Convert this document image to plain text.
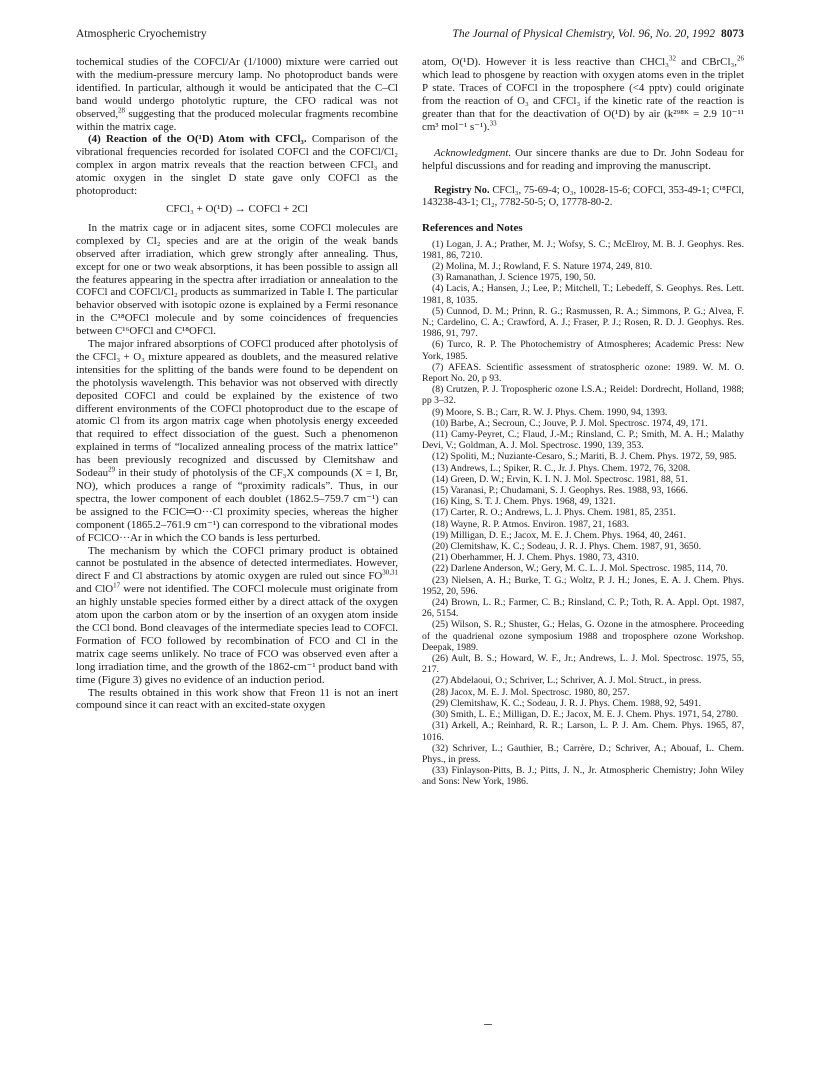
Atmospheric Cryochemistry	The Journal of Physical Chemistry, Vol. 96, No. 20, 1992 8073

tochemical studies of the COFCl/Ar (1/1000) mixture were carried out with the medium-pressure mercury lamp. No photoproduct bands were identified. In particular, although it would be anticipated that the C–Cl band would undergo photolytic rupture, the CFO radical was not observed,$^{28}$ suggesting that the produced molecular fragments recombine within the matrix cage.

(4) Reaction of the O(¹D) Atom with CFCl₃. Comparison of the vibrational frequencies recorded for isolated COFCl and the COFCl/Cl₂ complex in argon matrix reveals that the reaction between CFCl₃ and atomic oxygen in the singlet D state gave only COFCl as the photoproduct:

CFCl₃ + O(¹D) → COFCl + 2Cl

In the matrix cage or in adjacent sites, some COFCl molecules are complexed by Cl₂ species and are at the origin of the weak bands observed after irradiation, which grew strongly after annealing. Thus, except for one or two weak absorptions, it has been possible to assign all the features appearing in the spectra after irradiation or annealation to the COFCl and COFCl/Cl₂ products as summarized in Table I. The particular behavior observed with isotopic ozone is explained by a Fermi resonance in the C¹⁸OFCl molecule and by some coincidences of frequencies between C¹⁶OFCl and C¹⁸OFCl.

The major infrared absorptions of COFCl produced after photolysis of the CFCl₃ + O₃ mixture appeared as doublets, and the measured relative intensities for the splitting of the bands were found to be dependent on the photolysis wavelength. This behavior was not observed with directly deposited COFCl and could be explained by the existence of two different environments of the COFCl photoproduct due to the escape of atomic Cl from its argon matrix cage when photolysis energy exceeded that required to effect dissociation of the guest. Such a phenomenon explained in terms of “localized annealing process of the matrix lattice” has been previously recognized and discussed by Clemitshaw and Sodeau$^{29}$ in their study of photolysis of the CF₃X compounds (X = I, Br, NO), which produces a range of “proximity radicals”. Thus, in our spectra, the lower component of each doublet (1862.5–759.7 cm⁻¹) can be assigned to the FClC═O···Cl proximity species, whereas the higher component (1865.2–761.9 cm⁻¹) can correspond to the vibrational modes of FClCO···Ar in which the CO bands is less perturbed.

The mechanism by which the COFCl primary product is obtained cannot be postulated in the absence of detected intermediates. However, direct F and Cl abstractions by atomic oxygen are ruled out since FO$^{30,31}$ and ClO$^{17}$ were not identified. The COFCl molecule must originate from an highly unstable species formed either by a direct attack of the oxygen atom upon the carbon atom or by the insertion of an oxygen atom inside the CCl bond. Bond cleavages of the intermediate species lead to COFCl. Formation of FCO followed by recombination of FCO and Cl in the matrix cage seems unlikely. No trace of FCO was observed even after a long irradiation time, and the growth of the 1862-cm⁻¹ product band with time (Figure 3) gives no evidence of an induction period.

The results obtained in this work show that Freon 11 is not an inert compound since it can react with an excited-state oxygen

atom, O(¹D). However it is less reactive than CHCl₃$^{32}$ and CBrCl₃,$^{26}$ which lead to phosgene by reaction with oxygen atoms even in the triplet P state. Traces of COFCl in the troposphere (<4 pptv) could originate from the reaction of O₃ and CFCl₃ if the kinetic rate of the reaction is greater than that for the deactivation of O(¹D) by air (k²⁹⁸ᴷ = 2.9 10⁻¹¹ cm³ mol⁻¹ s⁻¹).$^{33}$

Acknowledgment. Our sincere thanks are due to Dr. John Sodeau for helpful discussions and for reading and improving the manuscript.

Registry No. CFCl₃, 75-69-4; O₃, 10028-15-6; COFCl, 353-49-1; C¹⁸FCl, 143238-43-1; Cl₂, 7782-50-5; O, 17778-80-2.

References and Notes
(1) Logan, J. A.; Prather, M. J.; Wofsy, S. C.; McElroy, M. B. J. Geophys. Res. 1981, 86, 7210.
(2) Molina, M. J.; Rowland, F. S. Nature 1974, 249, 810.
(3) Ramanathan, J. Science 1975, 190, 50.
(4) Lacis, A.; Hansen, J.; Lee, P.; Mitchell, T.; Lebedeff, S. Geophys. Res. Lett. 1981, 8, 1035.
(5) Cunnod, D. M.; Prinn, R. G.; Rasmussen, R. A.; Simmons, P. G.; Alvea, F. N.; Cardelino, C. A.; Crawford, A. J.; Fraser, P. J.; Rosen, R. D. J. Geophys. Res. 1986, 91, 797.
(6) Turco, R. P. The Photochemistry of Atmospheres; Academic Press: New York, 1985.
(7) AFEAS. Scientific assessment of stratospheric ozone: 1989. W. M. O. Report No. 20, p 93.
(8) Crutzen, P. J. Tropospheric ozone I.S.A.; Reidel: Dordrecht, Holland, 1988; pp 3–32.
(9) Moore, S. B.; Carr, R. W. J. Phys. Chem. 1990, 94, 1393.
(10) Barbe, A.; Secroun, C.; Jouve, P. J. Mol. Spectrosc. 1974, 49, 171.
(11) Camy-Peyret, C.; Flaud, J.-M.; Rinsland, C. P.; Smith, M. A. H.; Malathy Devi, V.; Goldman, A. J. Mol. Spectrosc. 1990, 139, 353.
(12) Spoliti, M.; Nuziante-Cesaro, S.; Mariti, B. J. Chem. Phys. 1972, 59, 985.
(13) Andrews, L.; Spiker, R. C., Jr. J. Phys. Chem. 1972, 76, 3208.
(14) Green, D. W.; Ervin, K. I. N. J. Mol. Spectrosc. 1981, 88, 51.
(15) Varanasi, P.; Chudamani, S. J. Geophys. Res. 1988, 93, 1666.
(16) King, S. T. J. Chem. Phys. 1968, 49, 1321.
(17) Carter, R. O.; Andrews, L. J. Phys. Chem. 1981, 85, 2351.
(18) Wayne, R. P. Atmos. Environ. 1987, 21, 1683.
(19) Milligan, D. E.; Jacox, M. E. J. Chem. Phys. 1964, 40, 2461.
(20) Clemitshaw, K. C.; Sodeau, J. R. J. Phys. Chem. 1987, 91, 3650.
(21) Oberhammer, H. J. Chem. Phys. 1980, 73, 4310.
(22) Darlene Anderson, W.; Gery, M. C. L. J. Mol. Spectrosc. 1985, 114, 70.
(23) Nielsen, A. H.; Burke, T. G.; Woltz, P. J. H.; Jones, E. A. J. Chem. Phys. 1952, 20, 596.
(24) Brown, L. R.; Farmer, C. B.; Rinsland, C. P.; Toth, R. A. Appl. Opt. 1987, 26, 5154.
(25) Wilson, S. R.; Shuster, G.; Helas, G. Ozone in the atmosphere. Proceeding of the quadrienal ozone symposium 1988 and troposphere ozone Workshop. Deepak, 1989.
(26) Ault, B. S.; Howard, W. F., Jr.; Andrews, L. J. Mol. Spectrosc. 1975, 55, 217.
(27) Abdelaoui, O.; Schriver, L.; Schriver, A. J. Mol. Struct., in press.
(28) Jacox, M. E. J. Mol. Spectrosc. 1980, 80, 257.
(29) Clemitshaw, K. C.; Sodeau, J. R. J. Phys. Chem. 1988, 92, 5491.
(30) Smith, L. E.; Milligan, D. E.; Jacox, M. E. J. Chem. Phys. 1971, 54, 2780.
(31) Arkell, A.; Reinhard, R. R.; Larson, L. P. J. Am. Chem. Phys. 1965, 87, 1016.
(32) Schriver, L.; Gauthier, B.; Carrère, D.; Schriver, A.; Abouaf, L. Chem. Phys., in press.
(33) Finlayson-Pitts, B. J.; Pitts, J. N., Jr. Atmospheric Chemistry; John Wiley and Sons: New York, 1986.
